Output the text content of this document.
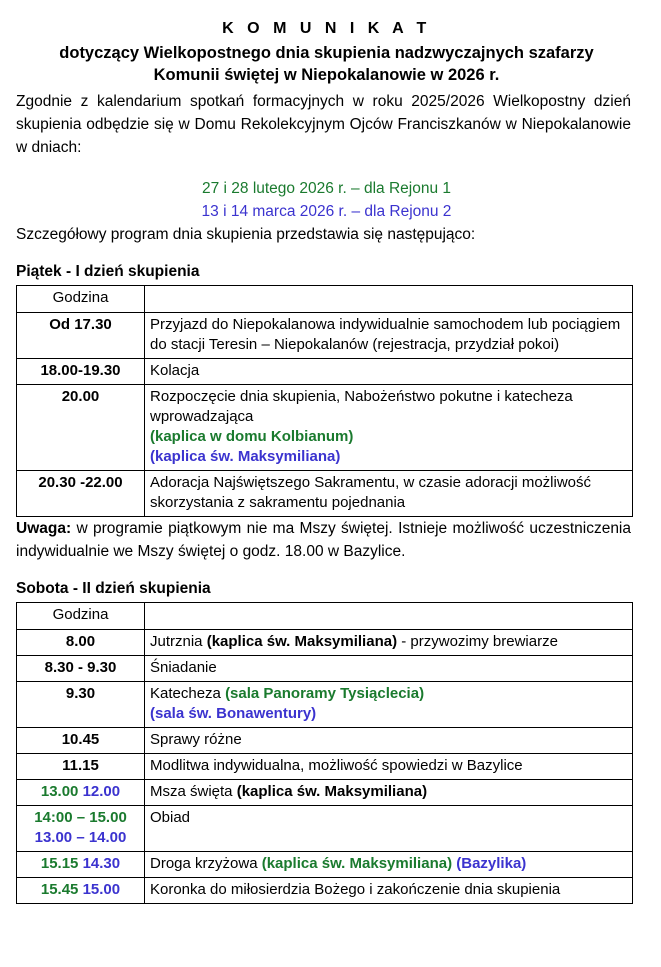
K O M U N I K A T
dotyczący Wielkopostnego dnia skupienia nadzwyczajnych szafarzy
Komunii świętej w Niepokalanowie w 2026 r.

Zgodnie z kalendarium spotkań formacyjnych w roku 2025/2026 Wielkopostny dzień skupienia odbędzie się w Domu Rekolekcyjnym Ojców Franciszkanów w Niepokalanowie w dniach:

27 i 28 lutego 2026 r. – dla Rejonu 1
13 i 14 marca 2026 r. – dla Rejonu 2

Szczegółowy program dnia skupienia przedstawia się następująco:

Piątek - I dzień skupienia
Godzina	
Od 17.30	Przyjazd do Niepokalanowa indywidualnie samochodem lub pociągiem do stacji Teresin – Niepokalanów (rejestracja, przydział pokoi)
18.00-19.30	Kolacja
20.00	Rozpoczęcie dnia skupienia, Nabożeństwo pokutne i katecheza wprowadzająca
(kaplica w domu Kolbianum)
(kaplica św. Maksymiliana)

20.30 -22.00	Adoracja Najświętszego Sakramentu, w czasie adoracji możliwość skorzystania z sakramentu pojednania

Uwaga: w programie piątkowym nie ma Mszy świętej. Istnieje możliwość uczestniczenia indywidualnie we Mszy świętej o godz. 18.00 w Bazylice.

Sobota - II dzień skupienia
Godzina	
8.00	Jutrznia (kaplica św. Maksymiliana) - przywozimy brewiarze
8.30 - 9.30	Śniadanie
9.30	Katecheza (sala Panoramy Tysiąclecia)
(sala św. Bonawentury)

10.45	Sprawy różne
11.15	Modlitwa indywidualna, możliwość spowiedzi w Bazylice
13.00 12.00	Msza święta (kaplica św. Maksymiliana)

14:00 – 15.00
13.00 – 14.00	Obiad
15.15 14.30	Droga krzyżowa (kaplica św. Maksymiliana) (Bazylika)
15.45 15.00	Koronka do miłosierdzia Bożego i zakończenie dnia skupienia
